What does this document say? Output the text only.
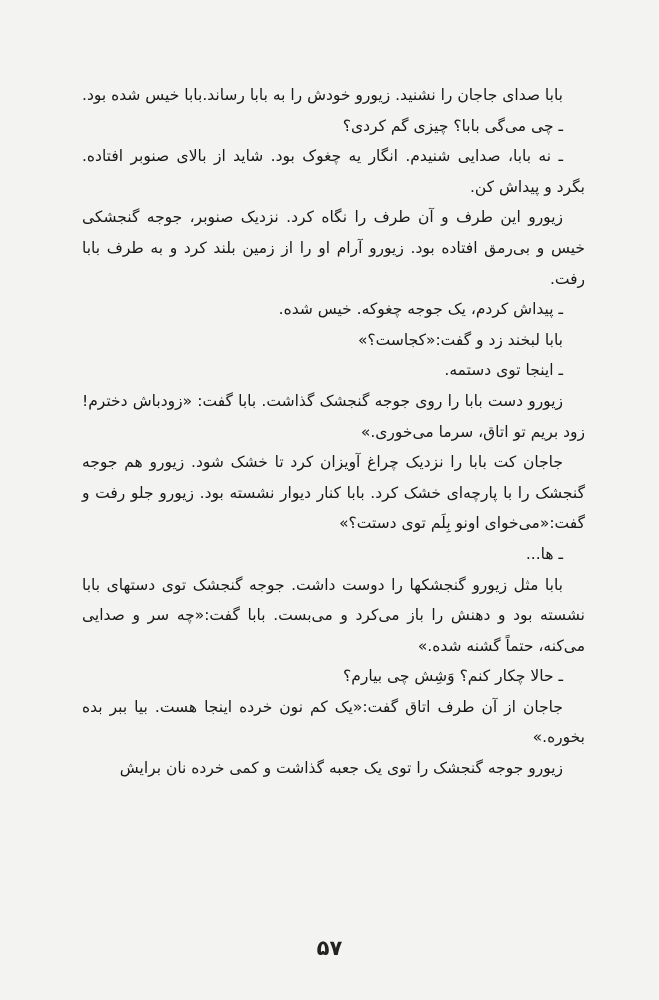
بابا صدای جاجان را نشنید. زیورو خودش را به بابا رساند.بابا خیس شده بود.

ـ چی می‌گی بابا؟ چیزی گم کردی؟

ـ نه بابا، صدایی شنیدم. انگار یه چغوک بود. شاید از بالای صنوبر افتاده. بگرد و پیداش کن.

زیورو این طرف و آن طرف را نگاه کرد. نزدیک صنوبر، جوجه گنجشکی خیس و بی‌رمق افتاده بود. زیورو آرام او را از زمین بلند کرد و به طرف بابا رفت.

ـ پیداش کردم، یک جوجه چغوکه. خیس شده.

بابا لبخند زد و گفت:«کجاست؟»

ـ اینجا توی دستمه.

زیورو دست بابا را روی جوجه گنجشک گذاشت. بابا گفت: «زودباش دخترم! زود بریم تو اتاق، سرما می‌خوری.»

جاجان کت بابا را نزدیک چراغ آویزان کرد تا خشک شود. زیورو هم جوجه گنجشک را با پارچه‌ای خشک کرد. بابا کنار دیوار نشسته بود. زیورو جلو رفت و گفت:«می‌خوای اونو بِلَم توی دستت؟»

ـ ها...

بابا مثل زیورو گنجشکها را دوست داشت. جوجه گنجشک توی دستهای بابا نشسته بود و دهنش را باز می‌کرد و می‌بست. بابا گفت:«چه سر و صدایی می‌کنه، حتماً گشنه شده.»

ـ حالا چکار کنم؟ وَشِش چی بیارم؟

جاجان از آن طرف اتاق گفت:«یک کم نون خرده اینجا هست. بیا ببر بده بخوره.»

زیورو جوجه گنجشک را توی یک جعبه گذاشت و کمی خرده نان برایش

۵۷
